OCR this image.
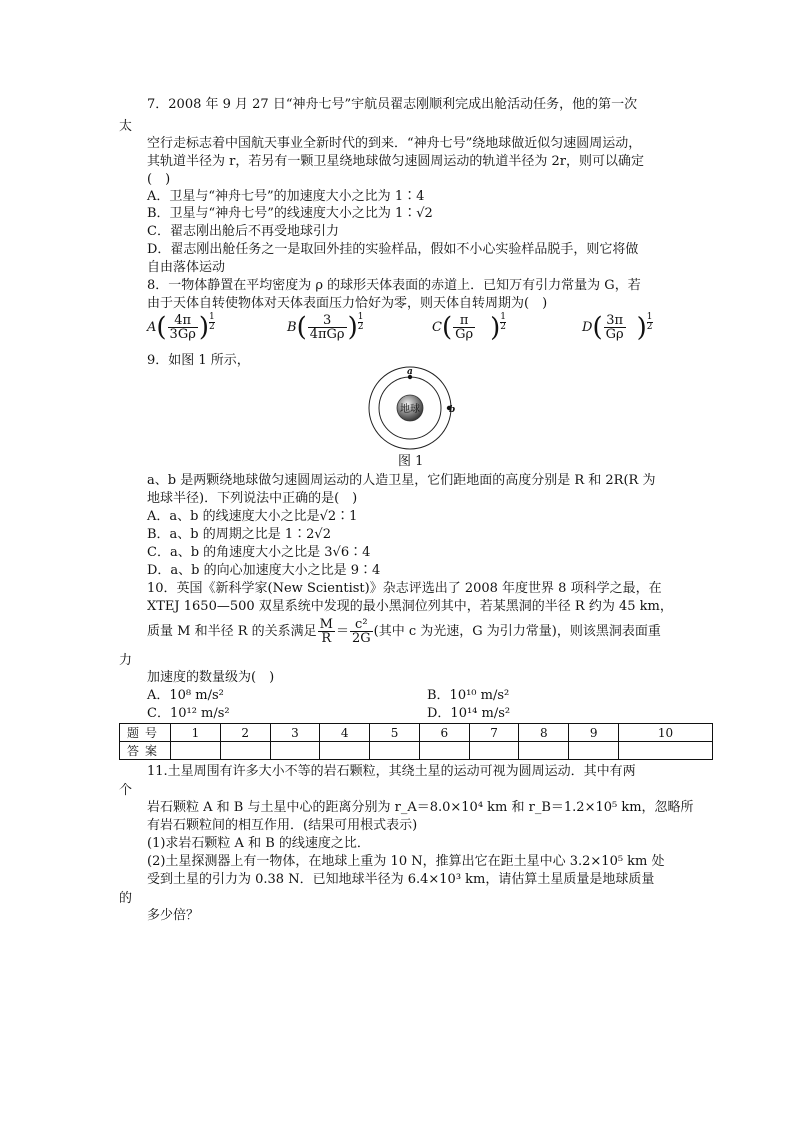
7．2008 年 9 月 27 日“神舟七号”宇航员翟志刚顺利完成出舱活动任务，他的第一次
太
空行走标志着中国航天事业全新时代的到来．“神舟七号”绕地球做近似匀速圆周运动，
其轨道半径为 r，若另有一颗卫星绕地球做匀速圆周运动的轨道半径为 2r，则可以确定
(　)
A．卫星与“神舟七号”的加速度大小之比为 1∶4
B．卫星与“神舟七号”的线速度大小之比为 1∶√2
C．翟志刚出舱后不再受地球引力
D．翟志刚出舱任务之一是取回外挂的实验样品，假如不小心实验样品脱手，则它将做
自由落体运动
8．一物体静置在平均密度为 ρ 的球形天体表面的赤道上．已知万有引力常量为 G，若
由于天体自转使物体对天体表面压力恰好为零，则天体自转周期为(　)
$A( \frac{4\pi}{3G\rho}$ ) $\frac{1}{2}$	$B( \frac{3}{\text{4πGρ}}$ ) $\frac{1}{2}$	$C( \frac{\pi}{G\rho}$ ) $\frac{1}{2}$	$D( \frac{3\pi}{G\rho}$ ) $\frac{1}{2}$
9．如图 1 所示，
地球
a
b
图 1
a、b 是两颗绕地球做匀速圆周运动的人造卫星，它们距地面的高度分别是 R 和 2R(R 为
地球半径)．下列说法中正确的是(　)
A．a、b 的线速度大小之比是√2∶1
B．a、b 的周期之比是 1∶2√2
C．a、b 的角速度大小之比是 3√6∶4
D．a、b 的向心加速度大小之比是 9∶4
10．英国《新科学家(New Scientist)》杂志评选出了 2008 年度世界 8 项科学之最，在
XTEJ 1650—500 双星系统中发现的最小黑洞位列其中，若某黑洞的半径 R 约为 45 km，
质量 M 和半径 R 的关系满足 $\frac{M}{R} = \frac{\text{c²}}{2G}$ (其中 c 为光速，G 为引力常量)，则该黑洞表面重
力
加速度的数量级为(　)
A．10⁸ m/s²	B．10¹⁰ m/s²
C．10¹² m/s²	D．10¹⁴ m/s²
题号	1	2	3	4	5	6	7	8	9	10
答案										
11.土星周围有许多大小不等的岩石颗粒，其绕土星的运动可视为圆周运动．其中有两
个
岩石颗粒 A 和 B 与土星中心的距离分别为 r_A＝8.0×10⁴ km 和 r_B＝1.2×10⁵ km，忽略所
有岩石颗粒间的相互作用．(结果可用根式表示)
(1)求岩石颗粒 A 和 B 的线速度之比．
(2)土星探测器上有一物体，在地球上重为 10 N，推算出它在距土星中心 3.2×10⁵ km 处
受到土星的引力为 0.38 N．已知地球半径为 6.4×10³ km，请估算土星质量是地球质量
的
多少倍？
